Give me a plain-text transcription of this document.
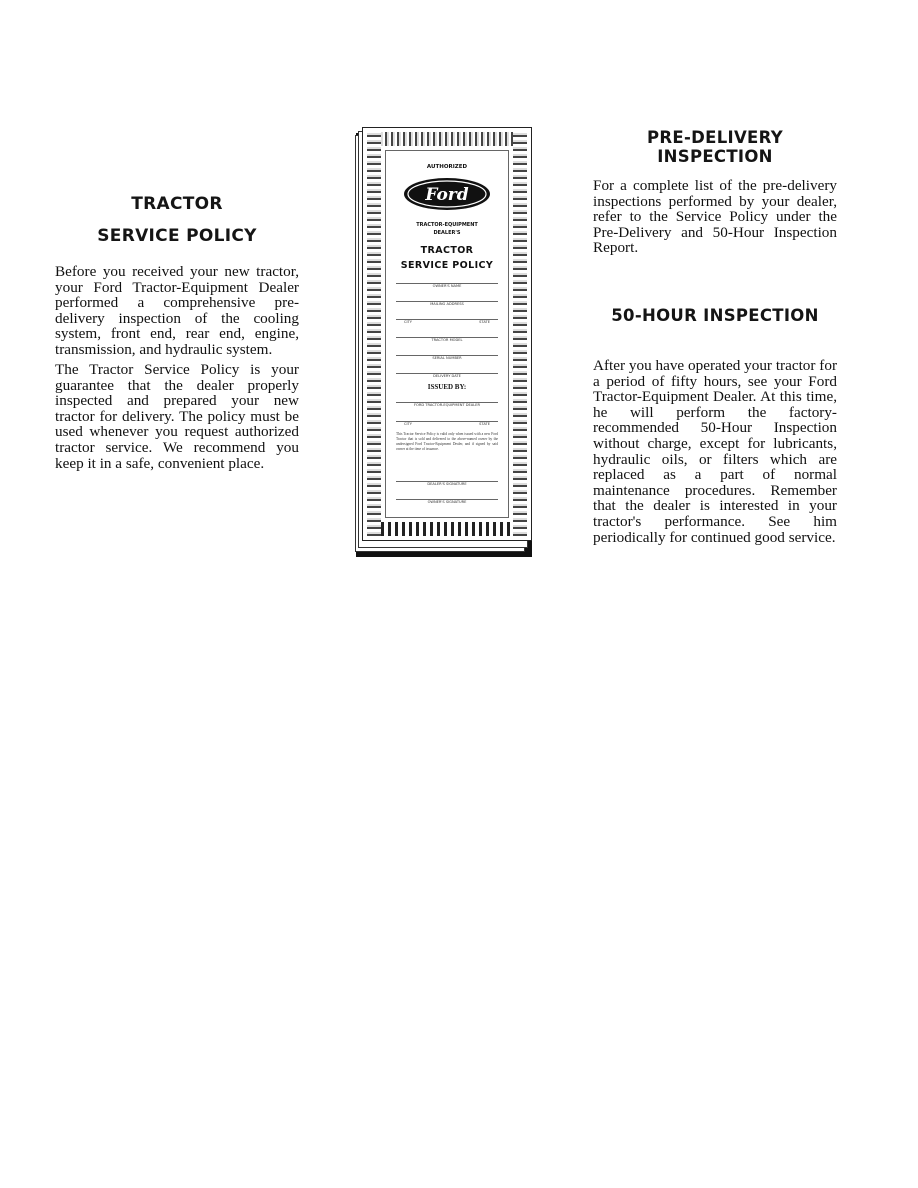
TRACTOR
SERVICE POLICY

Before you received your new tractor, your Ford Tractor-Equipment Dealer performed a comprehensive pre-delivery inspection of the cooling system, front end, rear end, engine, transmission, and hydraulic system.

The Tractor Service Policy is your guarantee that the dealer properly inspected and prepared your new tractor for delivery. The policy must be used whenever you request authorized tractor service. We recommend you keep it in a safe, convenient place.

AUTHORIZED
Ford
TRACTOR-EQUIPMENT
DEALER'S
TRACTOR
SERVICE POLICY
OWNER'S NAME
MAILING ADDRESS
CITY	STATE
TRACTOR MODEL
SERIAL NUMBER
DELIVERY DATE
ISSUED BY:
FORD TRACTOR-EQUIPMENT DEALER
CITY	STATE
This Tractor Service Policy is valid only when issued with a new Ford Tractor that is sold and delivered to the above-named owner by the undersigned Ford Tractor-Equipment Dealer, and if signed by said owner at the time of issuance.
DEALER'S SIGNATURE
OWNER'S SIGNATURE
PRE-DELIVERY INSPECTION

For a complete list of the pre-delivery inspections performed by your dealer, refer to the Service Policy under the Pre-Delivery and 50-Hour Inspection Report.

50-HOUR INSPECTION

After you have operated your tractor for a period of fifty hours, see your Ford Tractor-Equipment Dealer. At this time, he will perform the factory-recommended 50-Hour Inspection without charge, except for lubricants, hydraulic oils, or filters which are replaced as a part of normal maintenance procedures. Remember that the dealer is interested in your tractor's performance. See him periodically for continued good service.
